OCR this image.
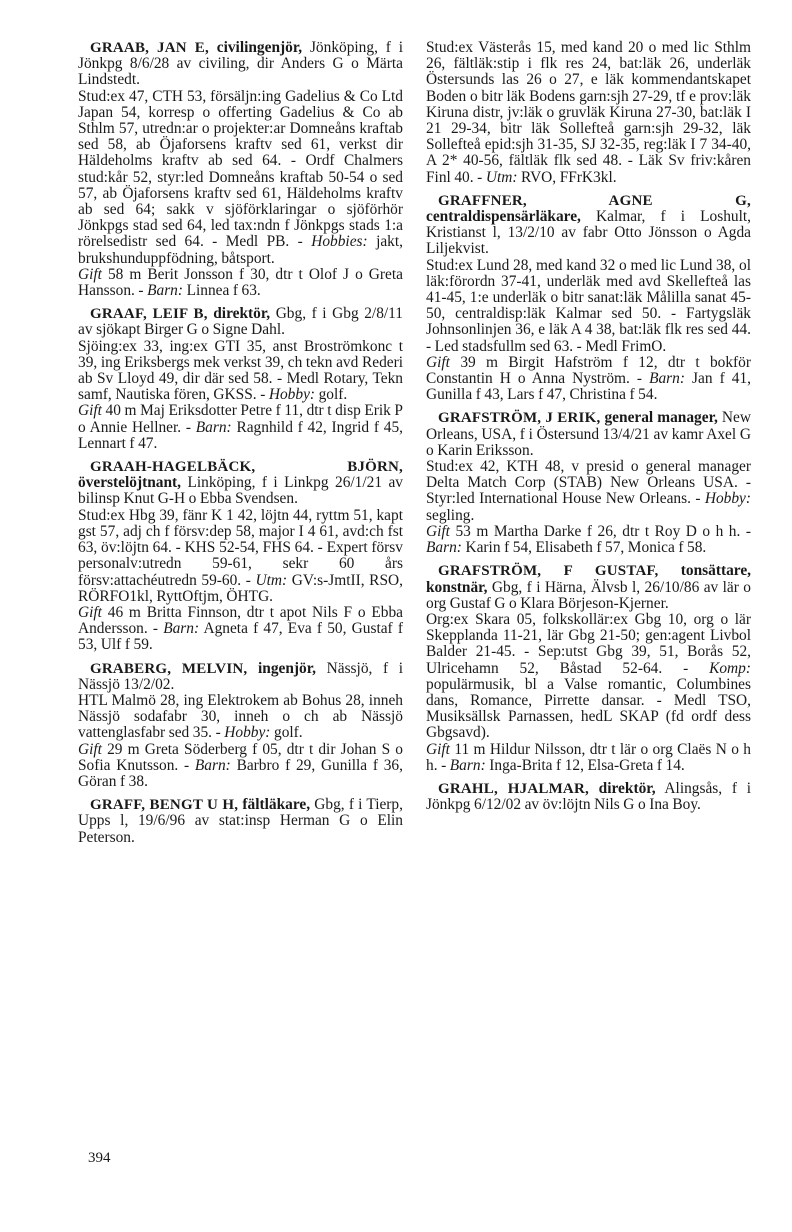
GRAAB, JAN E, civilingenjör, Jönköping, f i Jönkpg 8/6/28 av civiling, dir Anders G o Märta Lindstedt.

Stud:ex 47, CTH 53, försäljn:ing Gadelius & Co Ltd Japan 54, korresp o offerting Gadelius & Co ab Sthlm 57, utredn:ar o projekter:ar Domneåns kraftab sed 58, ab Öjaforsens kraftv sed 61, verkst dir Häldeholms kraftv ab sed 64. - Ordf Chalmers stud:kår 52, styr:led Domneåns kraftab 50-54 o sed 57, ab Öjaforsens kraftv sed 61, Häldeholms kraftv ab sed 64; sakk v sjöförklaringar o sjöförhör Jönkpgs stad sed 64, led tax:ndn f Jönkpgs stads 1:a rörelsedistr sed 64. - Medl PB. - Hobbies: jakt, brukshunduppfödning, båtsport.

Gift 58 m Berit Jonsson f 30, dtr t Olof J o Greta Hansson. - Barn: Linnea f 63.

GRAAF, LEIF B, direktör, Gbg, f i Gbg 2/8/11 av sjökapt Birger G o Signe Dahl.

Sjöing:ex 33, ing:ex GTI 35, anst Broströmkonc t 39, ing Eriksbergs mek verkst 39, ch tekn avd Rederi ab Sv Lloyd 49, dir där sed 58. - Medl Rotary, Tekn samf, Nautiska fören, GKSS. - Hobby: golf.

Gift 40 m Maj Eriksdotter Petre f 11, dtr t disp Erik P o Annie Hellner. - Barn: Ragnhild f 42, Ingrid f 45, Lennart f 47.

GRAAH-HAGELBÄCK, BJÖRN, överstelöjtnant, Linköping, f i Linkpg 26/1/21 av bilinsp Knut G-H o Ebba Svendsen.

Stud:ex Hbg 39, fänr K 1 42, löjtn 44, ryttm 51, kapt gst 57, adj ch f försv:dep 58, major I 4 61, avd:ch fst 63, öv:löjtn 64. - KHS 52-54, FHS 64. - Expert försv personalv:utredn 59-61, sekr 60 års försv:attachéutredn 59-60. - Utm: GV:s-JmtII, RSO, RÖRFO1kl, RyttOftjm, ÖHTG.

Gift 46 m Britta Finnson, dtr t apot Nils F o Ebba Andersson. - Barn: Agneta f 47, Eva f 50, Gustaf f 53, Ulf f 59.

GRABERG, MELVIN, ingenjör, Nässjö, f i Nässjö 13/2/02.

HTL Malmö 28, ing Elektrokem ab Bohus 28, inneh Nässjö sodafabr 30, inneh o ch ab Nässjö vattenglasfabr sed 35. - Hobby: golf.

Gift 29 m Greta Söderberg f 05, dtr t dir Johan S o Sofia Knutsson. - Barn: Barbro f 29, Gunilla f 36, Göran f 38.

GRAFF, BENGT U H, fältläkare, Gbg, f i Tierp, Upps l, 19/6/96 av stat:insp Herman G o Elin Peterson.

Stud:ex Västerås 15, med kand 20 o med lic Sthlm 26, fältläk:stip i flk res 24, bat:läk 26, underläk Östersunds las 26 o 27, e läk kommendantskapet Boden o bitr läk Bodens garn:sjh 27-29, tf e prov:läk Kiruna distr, jv:läk o gruvläk Kiruna 27-30, bat:läk I 21 29-34, bitr läk Sollefteå garn:sjh 29-32, läk Sollefteå epid:sjh 31-35, SJ 32-35, reg:läk I 7 34-40, A 2* 40-56, fältläk flk sed 48. - Läk Sv friv:kåren Finl 40. - Utm: RVO, FFrK3kl.

GRAFFNER, AGNE G, centraldispensärläkare, Kalmar, f i Loshult, Kristianst l, 13/2/10 av fabr Otto Jönsson o Agda Liljekvist.

Stud:ex Lund 28, med kand 32 o med lic Lund 38, ol läk:förordn 37-41, underläk med avd Skellefteå las 41-45, 1:e underläk o bitr sanat:läk Målilla sanat 45-50, centraldisp:läk Kalmar sed 50. - Fartygsläk Johnsonlinjen 36, e läk A 4 38, bat:läk flk res sed 44. - Led stadsfullm sed 63. - Medl FrimO.

Gift 39 m Birgit Hafström f 12, dtr t bokför Constantin H o Anna Nyström. - Barn: Jan f 41, Gunilla f 43, Lars f 47, Christina f 54.

GRAFSTRÖM, J ERIK, general manager, New Orleans, USA, f i Östersund 13/4/21 av kamr Axel G o Karin Eriksson.

Stud:ex 42, KTH 48, v presid o general manager Delta Match Corp (STAB) New Orleans USA. - Styr:led International House New Orleans. - Hobby: segling.

Gift 53 m Martha Darke f 26, dtr t Roy D o h h. - Barn: Karin f 54, Elisabeth f 57, Monica f 58.

GRAFSTRÖM, F GUSTAF, tonsättare, konstnär, Gbg, f i Härna, Älvsb l, 26/10/86 av lär o org Gustaf G o Klara Börjeson-Kjerner.

Org:ex Skara 05, folkskollär:ex Gbg 10, org o lär Skepplanda 11-21, lär Gbg 21-50; gen:agent Livbol Balder 21-45. - Sep:utst Gbg 39, 51, Borås 52, Ulricehamn 52, Båstad 52-64. - Komp: populärmusik, bl a Valse romantic, Columbines dans, Romance, Pirrette dansar. - Medl TSO, Musiksällsk Parnassen, hedL SKAP (fd ordf dess Gbgsavd).

Gift 11 m Hildur Nilsson, dtr t lär o org Claës N o h h. - Barn: Inga-Brita f 12, Elsa-Greta f 14.

GRAHL, HJALMAR, direktör, Alingsås, f i Jönkpg 6/12/02 av öv:löjtn Nils G o Ina Boy.

394
